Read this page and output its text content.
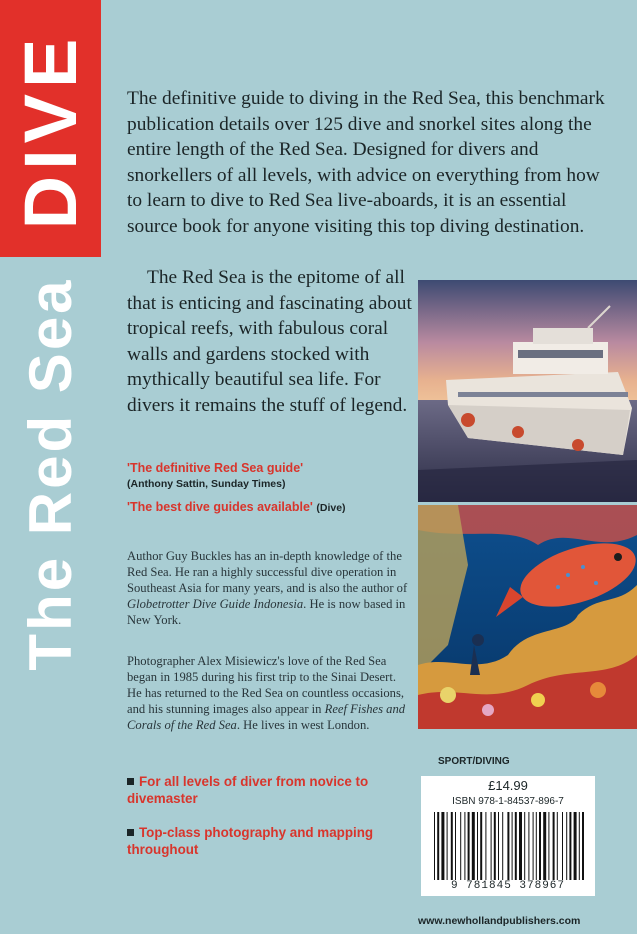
DIVE
The Red Sea

The definitive guide to diving in the Red Sea, this benchmark publication details over 125 dive and snorkel sites along the entire length of the Red Sea. Designed for divers and snorkellers of all levels, with advice on everything from how to learn to dive to Red Sea live-aboards, it is an essential source book for anyone visiting this top diving destination.

The Red Sea is the epitome of all that is enticing and fascinating about tropical reefs, with fabulous coral walls and gardens stocked with mythically beautiful sea life. For divers it remains the stuff of legend.

'The definitive Red Sea guide'
(Anthony Sattin, Sunday Times)
'The best dive guides available' (Dive)

Author Guy Buckles has an in-depth knowledge of the Red Sea. He ran a highly successful dive operation in Southeast Asia for many years, and is also the author of Globetrotter Dive Guide Indonesia. He is now based in New York.

Photographer Alex Misiewicz's love of the Red Sea began in 1985 during his first trip to the Sinai Desert. He has returned to the Red Sea on countless occasions, and his stunning images also appear in Reef Fishes and Corals of the Red Sea. He lives in west London.

For all levels of diver from novice to divemaster

Top-class photography and mapping throughout

SPORT/DIVING
£14.99
ISBN 978-1-84537-896-7
9 781845 378967
www.newhollandpublishers.com
